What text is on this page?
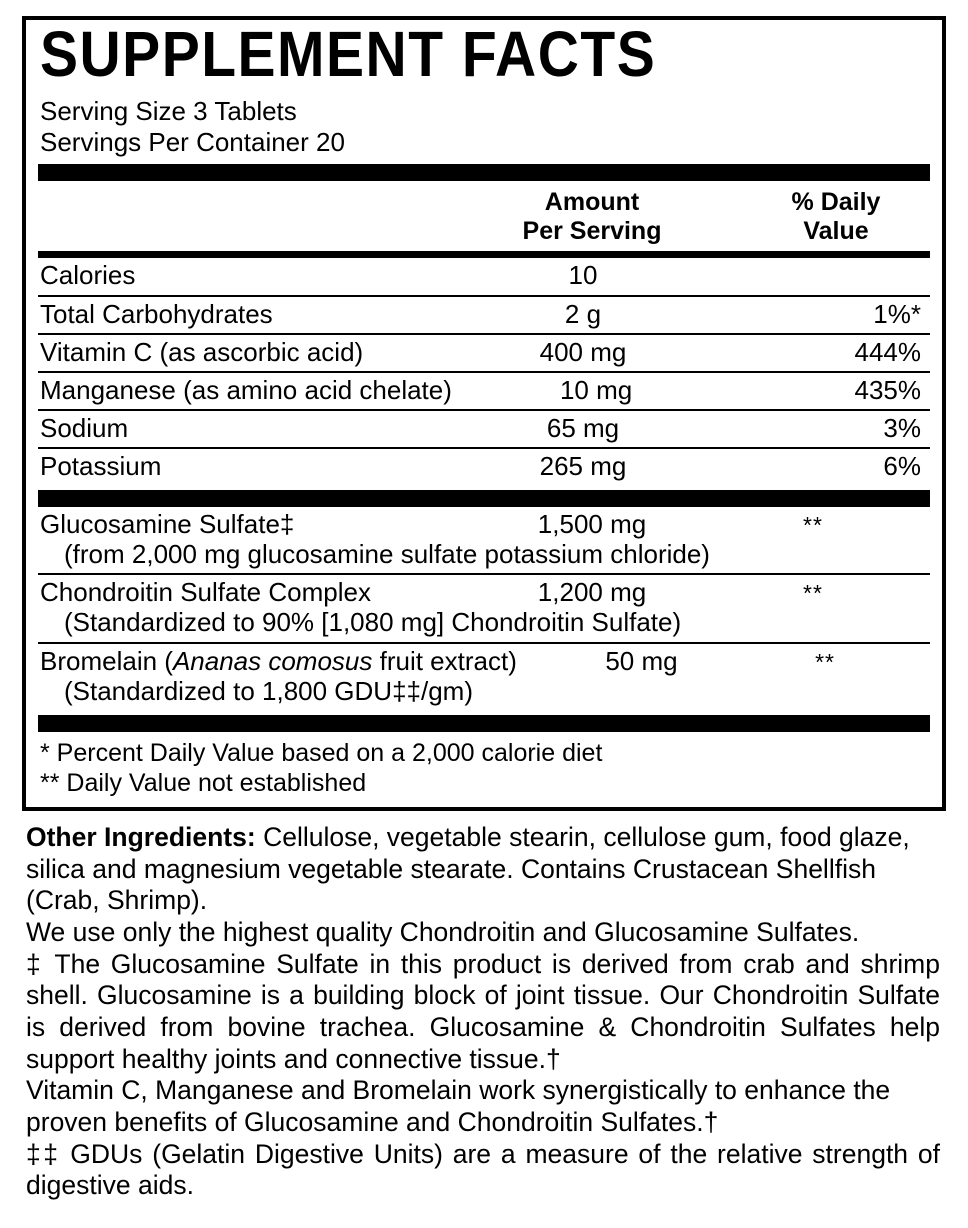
SUPPLEMENT FACTS
Serving Size 3 Tablets
Servings Per Container 20
Amount
Per Serving
% Daily
Value
Calories	10
Total Carbohydrates	2 g	1%*
Vitamin C (as ascorbic acid)	400 mg	444%
Manganese (as amino acid chelate)	10 mg	435%
Sodium	65 mg	3%
Potassium	265 mg	6%
Glucosamine Sulfate‡	1,500 mg	**
(from 2,000 mg glucosamine sulfate potassium chloride)
Chondroitin Sulfate Complex	1,200 mg	**
(Standardized to 90% [1,080 mg] Chondroitin Sulfate)
Bromelain (Ananas comosus fruit extract)	50 mg	**
(Standardized to 1,800 GDU‡‡/gm)
* Percent Daily Value based on a 2,000 calorie diet
** Daily Value not established

Other Ingredients: Cellulose, vegetable stearin, cellulose gum, food glaze, silica and magnesium vegetable stearate. Contains Crustacean Shellfish (Crab, Shrimp).

We use only the highest quality Chondroitin and Glucosamine Sulfates.

‡ The Glucosamine Sulfate in this product is derived from crab and shrimp shell. Glucosamine is a building block of joint tissue. Our Chondroitin Sulfate is derived from bovine trachea. Glucosamine & Chondroitin Sulfates help support healthy joints and connective tissue.†

Vitamin C, Manganese and Bromelain work synergistically to enhance the proven benefits of Glucosamine and Chondroitin Sulfates.†

‡‡ GDUs (Gelatin Digestive Units) are a measure of the relative strength of digestive aids.
